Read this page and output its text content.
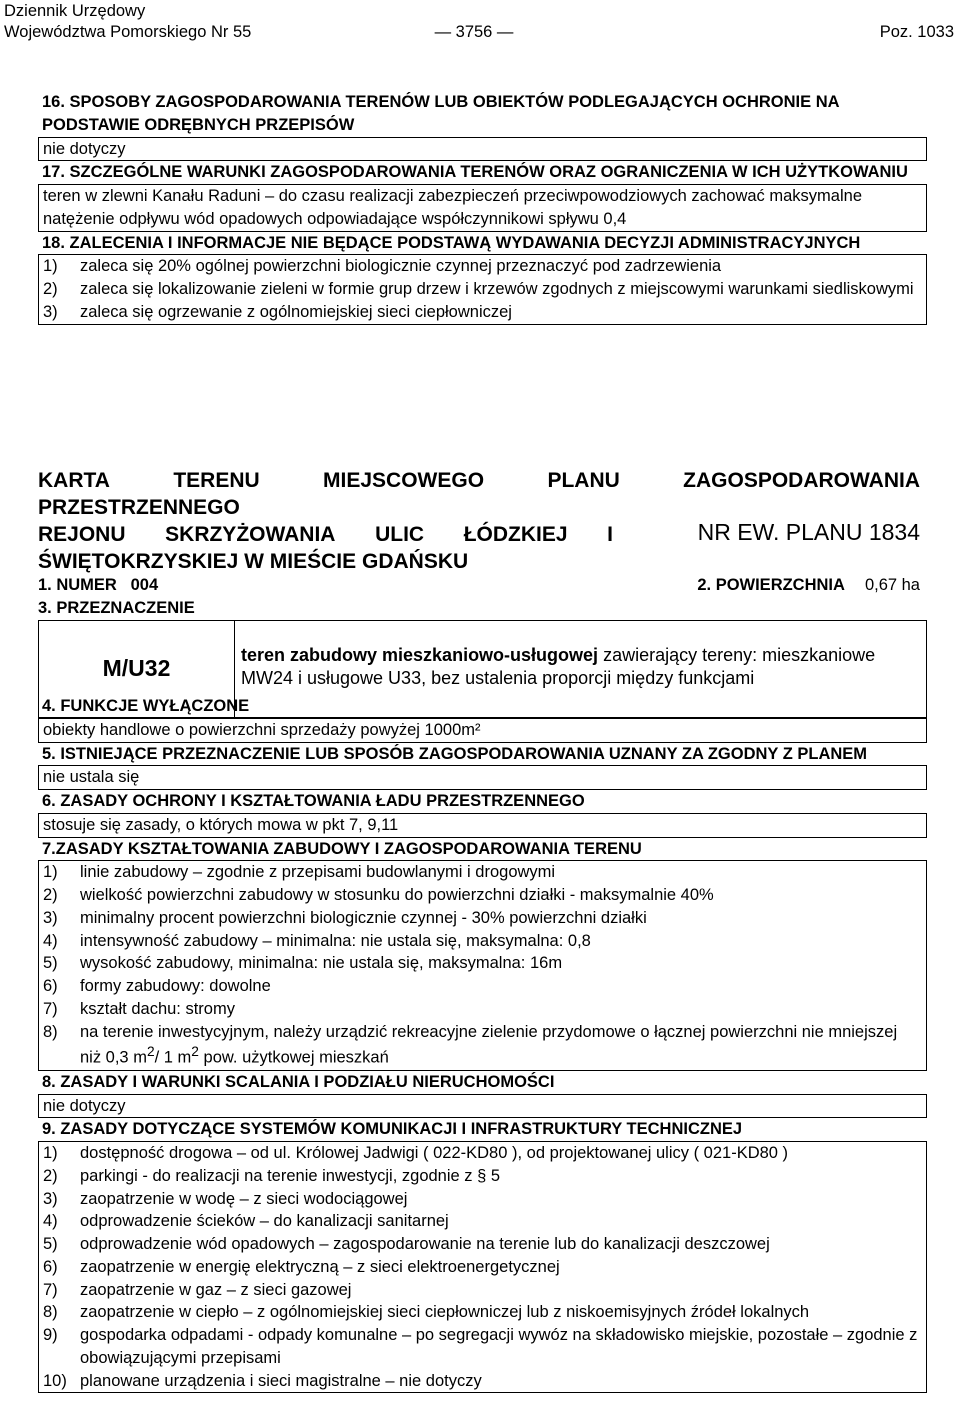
Dziennik Urzędowy
Województwa Pomorskiego Nr 55	— 3756 —	Poz. 1033
16. SPOSOBY ZAGOSPODAROWANIA TERENÓW LUB OBIEKTÓW PODLEGAJĄCYCH OCHRONIE NA PODSTAWIE ODRĘBNYCH PRZEPISÓW
nie dotyczy
17. SZCZEGÓLNE WARUNKI ZAGOSPODAROWANIA TERENÓW ORAZ OGRANICZENIA W ICH UŻYTKOWANIU
teren w zlewni Kanału Raduni – do czasu realizacji zabezpieczeń przeciwpowodziowych zachować maksymalne natężenie odpływu wód opadowych odpowiadające współczynnikowi spływu 0,4
18. ZALECENIA I INFORMACJE NIE BĘDĄCE PODSTAWĄ WYDAWANIA DECYZJI ADMINISTRACYJNYCH
1)	zaleca się 20% ogólnej powierzchni biologicznie czynnej przeznaczyć pod zadrzewienia
2)	zaleca się lokalizowanie zieleni w formie grup drzew i krzewów zgodnych z miejscowymi warunkami siedliskowymi
3)	zaleca się ogrzewanie z ogólnomiejskiej sieci ciepłowniczej
KARTA	TERENU	MIEJSCOWEGO	PLANU	ZAGOSPODAROWANIA
PRZESTRZENNEGO
REJONU SKRZYŻOWANIA ULIC ŁÓDZKIEJ I
ŚWIĘTOKRZYSKIEJ W MIEŚCIE GDAŃSKU
NR EW. PLANU 1834
1. NUMER   004	2. POWIERZCHNIA 0,67 ha
3. PRZEZNACZENIE
M/U32
teren zabudowy mieszkaniowo-usługowej zawierający tereny: mieszkaniowe MW24 i usługowe U33, bez ustalenia proporcji między funkcjami
4. FUNKCJE WYŁĄCZONE
obiekty handlowe o powierzchni sprzedaży powyżej 1000m²
5. ISTNIEJĄCE PRZEZNACZENIE LUB SPOSÓB ZAGOSPODAROWANIA UZNANY ZA ZGODNY Z PLANEM
nie ustala się
6. ZASADY OCHRONY I KSZTAŁTOWANIA ŁADU PRZESTRZENNEGO
stosuje się zasady, o których mowa w pkt 7, 9,11
7.ZASADY KSZTAŁTOWANIA ZABUDOWY I ZAGOSPODAROWANIA TERENU
1)	linie zabudowy – zgodnie z przepisami budowlanymi i drogowymi
2)	wielkość powierzchni zabudowy w stosunku do powierzchni działki - maksymalnie 40%
3)	minimalny procent powierzchni biologicznie czynnej - 30% powierzchni działki
4)	intensywność zabudowy – minimalna: nie ustala się, maksymalna: 0,8
5)	wysokość zabudowy, minimalna: nie ustala się, maksymalna: 16m
6)	formy zabudowy: dowolne
7)	kształt dachu: stromy
8)	na terenie inwestycyjnym, należy urządzić rekreacyjne zielenie przydomowe o łącznej powierzchni nie mniejszej niż 0,3 $m^2/$ 1 $m^2$ pow. użytkowej mieszkań
8. ZASADY I WARUNKI SCALANIA I PODZIAŁU NIERUCHOMOŚCI
nie dotyczy
9. ZASADY DOTYCZĄCE SYSTEMÓW KOMUNIKACJI I INFRASTRUKTURY TECHNICZNEJ
1)	dostępność drogowa – od ul. Królowej Jadwigi ( 022-KD80 ), od projektowanej ulicy ( 021-KD80 )
2)	parkingi - do realizacji na terenie inwestycji, zgodnie z § 5
3)	zaopatrzenie w wodę – z sieci wodociągowej
4)	odprowadzenie ścieków – do kanalizacji sanitarnej
5)	odprowadzenie wód opadowych – zagospodarowanie na terenie lub do kanalizacji deszczowej
6)	zaopatrzenie w energię elektryczną – z sieci elektroenergetycznej
7)	zaopatrzenie w gaz – z sieci gazowej
8)	zaopatrzenie w ciepło – z ogólnomiejskiej sieci ciepłowniczej lub z niskoemisyjnych źródeł lokalnych
9)	gospodarka odpadami - odpady komunalne – po segregacji wywóz na składowisko miejskie, pozostałe – zgodnie z obowiązującymi przepisami
10) planowane urządzenia i sieci magistralne – nie dotyczy
